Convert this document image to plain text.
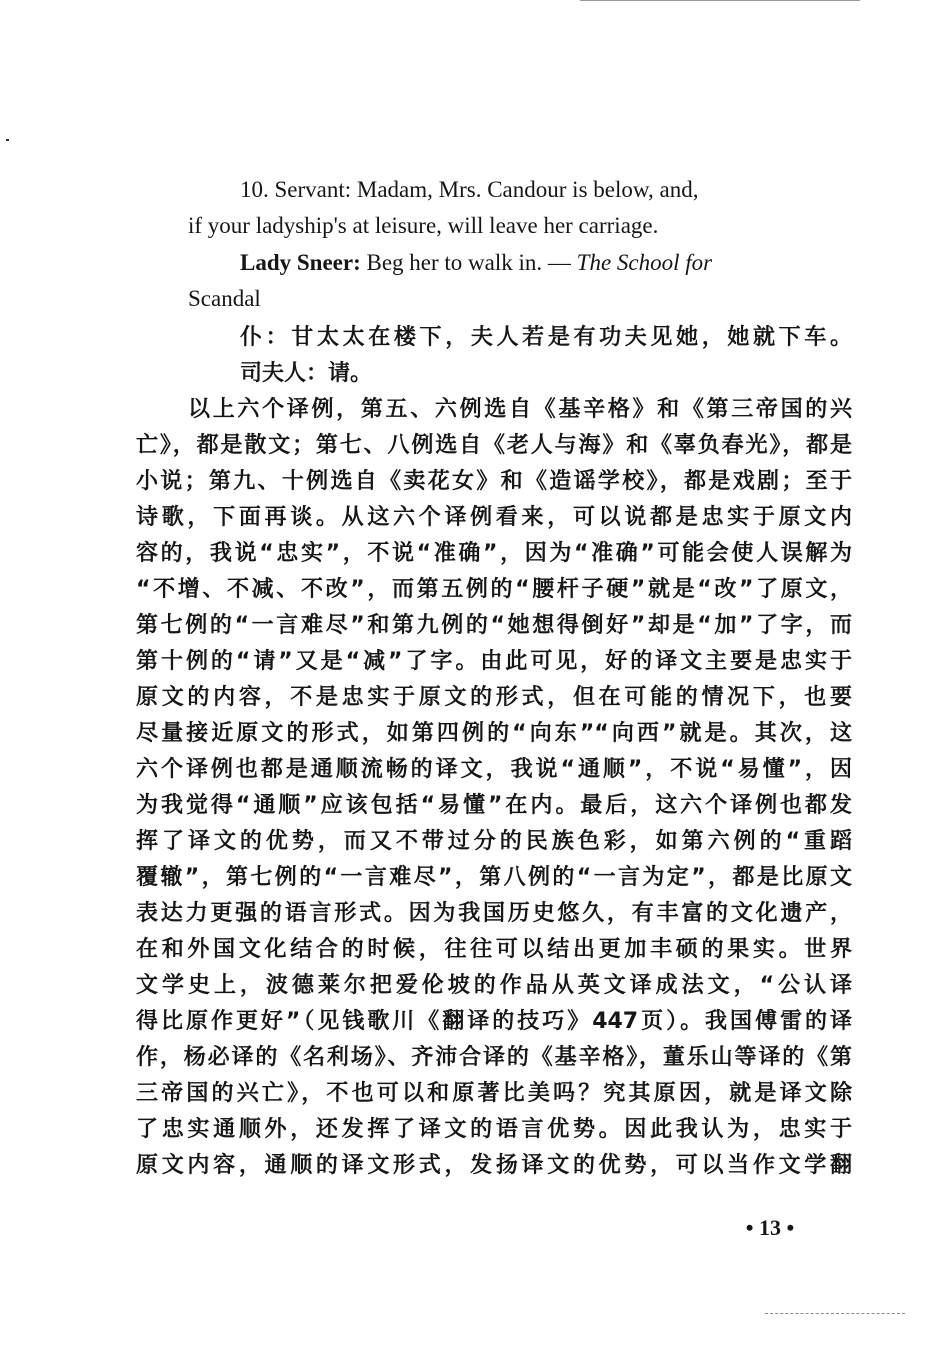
10. Servant: Madam, Mrs. Candour is below, and,
if your ladyship's at leisure, will leave her carriage.
Lady Sneer: Beg her to walk in. — The School for
Scandal
仆：甘太太在楼下，夫人若是有功夫见她，她就下车。
司夫人：请。
以上六个译例，第五、六例选自《基辛格》和《第三帝国的兴
亡》，都是散文；第七、八例选自《老人与海》和《辜负春光》，都是
小说；第九、十例选自《卖花女》和《造谣学校》，都是戏剧；至于
诗歌，下面再谈。从这六个译例看来，可以说都是忠实于原文内
容的，我说“忠实”，不说“准确”，因为“准确”可能会使人误解为
“不增、不减、不改”，而第五例的“腰杆子硬”就是“改”了原文，
第七例的“一言难尽”和第九例的“她想得倒好”却是“加”了字，而
第十例的“请”又是“减”了字。由此可见，好的译文主要是忠实于
原文的内容，不是忠实于原文的形式，但在可能的情况下，也要
尽量接近原文的形式，如第四例的“向东”“向西”就是。其次，这
六个译例也都是通顺流畅的译文，我说“通顺”，不说“易懂”，因
为我觉得“通顺”应该包括“易懂”在内。最后，这六个译例也都发
挥了译文的优势，而又不带过分的民族色彩，如第六例的“重蹈
覆辙”，第七例的“一言难尽”，第八例的“一言为定”，都是比原文
表达力更强的语言形式。因为我国历史悠久，有丰富的文化遗产，
在和外国文化结合的时候，往往可以结出更加丰硕的果实。世界
文学史上，波德莱尔把爱伦坡的作品从英文译成法文，“公认译
得比原作更好”（见钱歌川《翻译的技巧》447页）。我国傅雷的译
作，杨必译的《名利场》、齐沛合译的《基辛格》，董乐山等译的《第
三帝国的兴亡》，不也可以和原著比美吗？究其原因，就是译文除
了忠实通顺外，还发挥了译文的语言优势。因此我认为，忠实于
原文内容，通顺的译文形式，发扬译文的优势，可以当作文学翻
• 13 •
